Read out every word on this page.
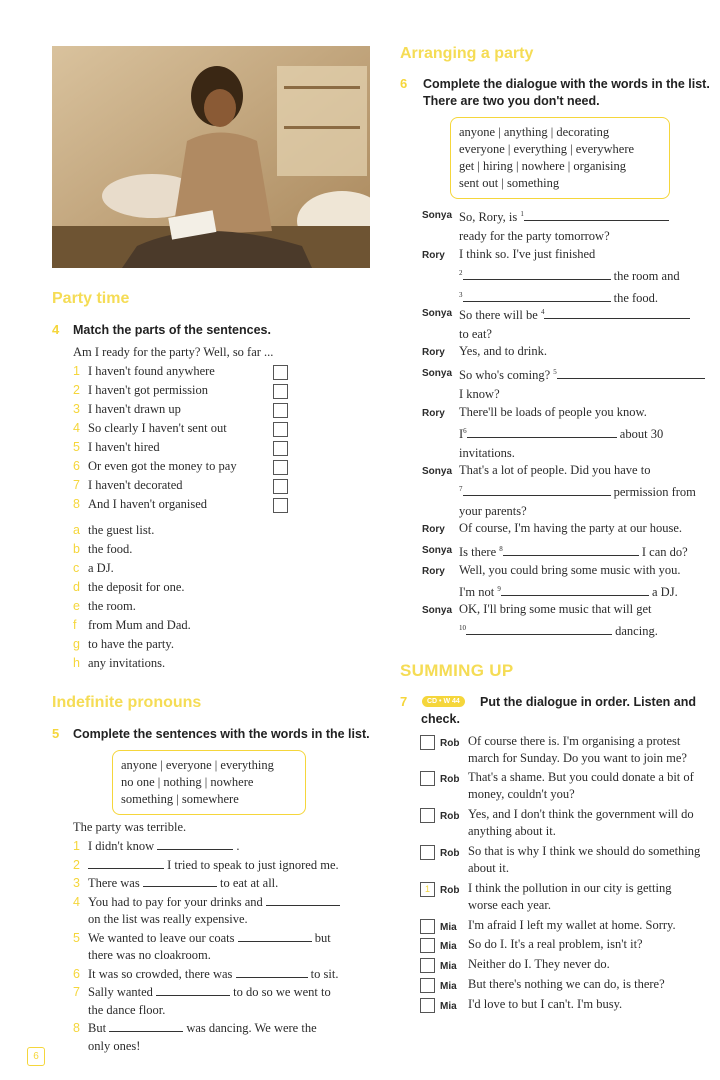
Party time
4 Match the parts of the sentences.
Am I ready for the party? Well, so far ...
1 I haven't found anywhere
2 I haven't got permission
3 I haven't drawn up
4 So clearly I haven't sent out
5 I haven't hired
6 Or even got the money to pay
7 I haven't decorated
8 And I haven't organised
a the guest list.
b the food.
c a DJ.
d the deposit for one.
e the room.
f from Mum and Dad.
g to have the party.
h any invitations.
Indefinite pronouns
5 Complete the sentences with the words in the list.
anyone | everyone | everything
no one | nothing | nowhere
something | somewhere
The party was terrible.
1 I didn't know	.
2	I tried to speak to just ignored me.
3 There was	to eat at all.
4 You had to pay for your drinks and
on the list was really expensive.
5 We wanted to leave our coats	but
there was no cloakroom.
6 It was so crowded, there was	to sit.
7 Sally wanted	to do so we went to
the dance floor.
8 But	was dancing. We were the
only ones!
6
Arranging a party
6 Complete the dialogue with the words in the list.
There are two you don't need.
anyone | anything | decorating
everyone | everything | everywhere
get | hiring | nowhere | organising
sent out | something
Sonya So, Rory, is $^1$
ready for the party tomorrow?
Rory	I think so. I've just finished
$^2$	the room and
$^3$	the food.
Sonya So there will be $^4$
to eat?
Rory	Yes, and to drink.
Sonya So who's coming? $^5$
I know?
Rory	There'll be loads of people you know.
$I^6$	about 30
invitations.
Sonya That's a lot of people. Did you have to
$^7$	permission from
your parents?
Rory	Of course, I'm having the party at our house.
Sonya Is there $^8$	I can do?
Rory	Well, you could bring some music with you.
I'm not $^9$	a DJ.
Sonya OK, I'll bring some music that will get
$^{10}$	dancing.
SUMMING UP
7	CD • W 44	Put the dialogue in order. Listen and
check.
Rob Of course there is. I'm organising a protest
march for Sunday. Do you want to join me?
Rob That's a shame. But you could donate a bit of
money, couldn't you?
Rob Yes, and I don't think the government will do
anything about it.
Rob So that is why I think we should do something
about it.
1	Rob I think the pollution in our city is getting
worse each year.
Mia I'm afraid I left my wallet at home. Sorry.
Mia So do I. It's a real problem, isn't it?
Mia Neither do I. They never do.
Mia But there's nothing we can do, is there?
Mia I'd love to but I can't. I'm busy.
